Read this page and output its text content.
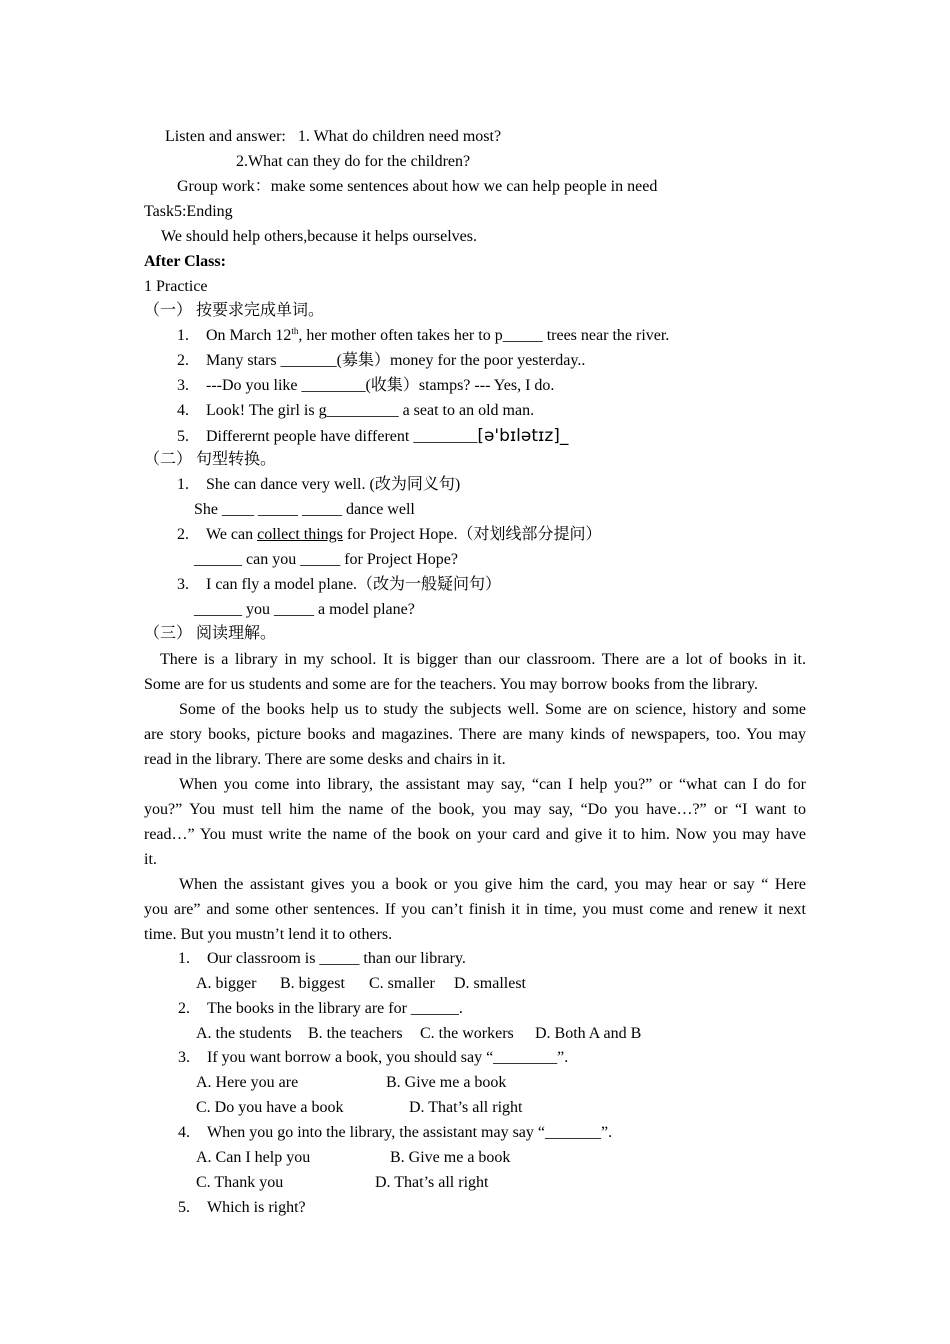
Listen and answer: 1. What do children need most?
2.What can they do for the children?
Group work：make some sentences about how we can help people in need
Task5:Ending
We should help others,because it helps ourselves.
After Class:
1 Practice
（一） 按要求完成单词。
1. On March 12th, her mother often takes her to p_____ trees near the river.
2. Many stars _______(募集）money for the poor yesterday..
3. ---Do you like ________(收集）stamps? --- Yes, I do.
4. Look! The girl is g_________ a seat to an old man.
5. Differernt people have different ________[ə'bɪlətɪz]_
（二） 句型转换。
1. She can dance very well. (改为同义句)
She ____ _____ _____ dance well
2. We can collect things for Project Hope.（对划线部分提问）
______ can you _____ for Project Hope?
3. I can fly a model plane.（改为一般疑问句）
______ you _____ a model plane?
（三） 阅读理解。
There is a library in my school. It is bigger than our classroom. There are a lot of books in it.
Some are for us students and some are for the teachers. You may borrow books from the library.
Some of the books help us to study the subjects well. Some are on science, history and some
are story books, picture books and magazines. There are many kinds of newspapers, too. You may
read in the library. There are some desks and chairs in it.
When you come into library, the assistant may say, “can I help you?” or “what can I do for
you?” You must tell him the name of the book, you may say, “Do you have…?” or “I want to
read…” You must write the name of the book on your card and give it to him. Now you may have
it.
When the assistant gives you a book or you give him the card, you may hear or say “ Here
you are” and some other sentences. If you can’t finish it in time, you must come and renew it next
time. But you mustn’t lend it to others.
1. Our classroom is _____ than our library.
A. bigger B. biggest C. smaller D. smallest
2. The books in the library are for ______.
A. the students B. the teachers C. the workers D. Both A and B
3. If you want borrow a book, you should say “________”.
A. Here you are	B. Give me a book
C. Do you have a book	D. That’s all right
4. When you go into the library, the assistant may say “_______”.
A. Can I help you	B. Give me a book
C. Thank you	D. That’s all right
5. Which is right?
